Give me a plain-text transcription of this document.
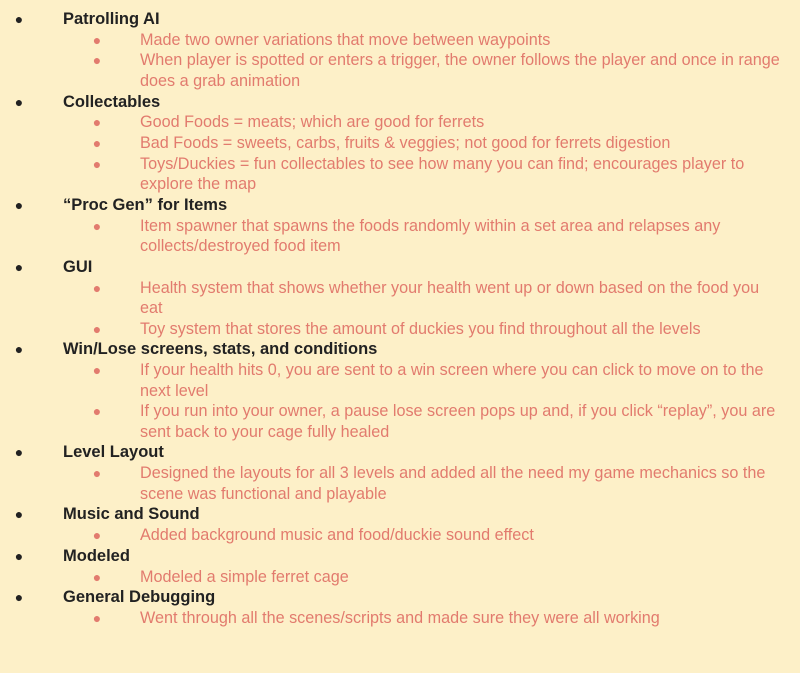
● Patrolling AI
● Made two owner variations that move between waypoints
● When player is spotted or enters a trigger, the owner follows the player and once in range does a grab animation
● Collectables
● Good Foods = meats; which are good for ferrets
● Bad Foods = sweets, carbs, fruits & veggies; not good for ferrets digestion
● Toys/Duckies = fun collectables to see how many you can find; encourages player to explore the map
● “Proc Gen” for Items
● Item spawner that spawns the foods randomly within a set area and relapses any collects/destroyed food item
● GUI
● Health system that shows whether your health went up or down based on the food you eat
● Toy system that stores the amount of duckies you find throughout all the levels
● Win/Lose screens, stats, and conditions
● If your health hits 0, you are sent to a win screen where you can click to move on to the next level
● If you run into your owner, a pause lose screen pops up and, if you click “replay”, you are sent back to your cage fully healed
● Level Layout
● Designed the layouts for all 3 levels and added all the need my game mechanics so the scene was functional and playable
● Music and Sound
● Added background music and food/duckie sound effect
● Modeled
● Modeled a simple ferret cage
● General Debugging
● Went through all the scenes/scripts and made sure they were all working
